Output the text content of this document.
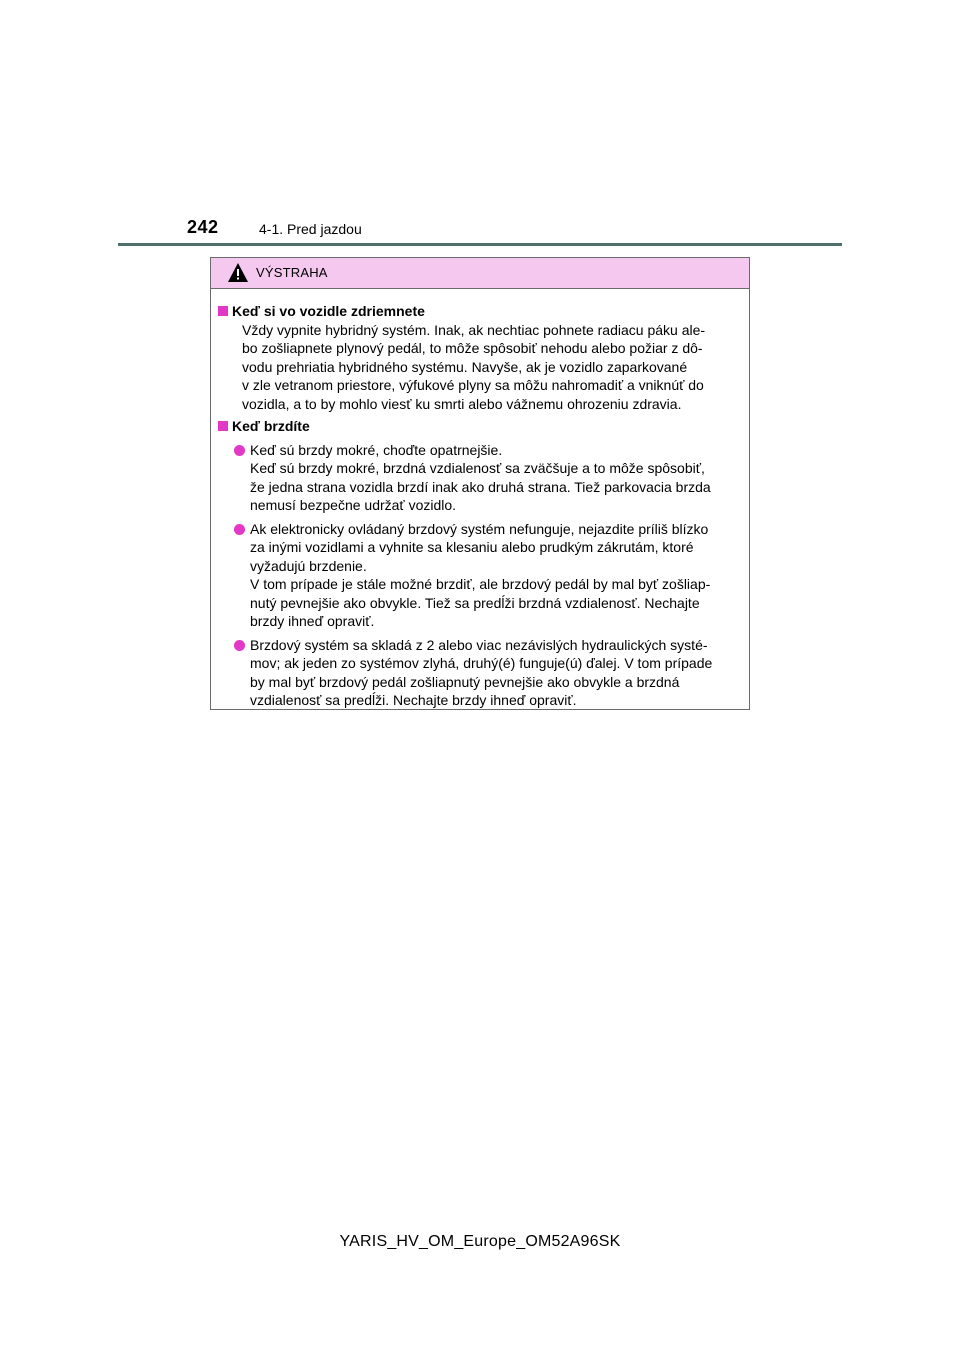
242	4-1. Pred jazdou
VÝSTRAHA
Keď si vo vozidle zdriemnete
Vždy vypnite hybridný systém. Inak, ak nechtiac pohnete radiacu páku ale-
bo zošliapnete plynový pedál, to môže spôsobiť nehodu alebo požiar z dô-
vodu prehriatia hybridného systému. Navyše, ak je vozidlo zaparkované
v zle vetranom priestore, výfukové plyny sa môžu nahromadiť a vniknúť do
vozidla, a to by mohlo viesť ku smrti alebo vážnemu ohrozeniu zdravia.
Keď brzdíte
Keď sú brzdy mokré, choďte opatrnejšie.
Keď sú brzdy mokré, brzdná vzdialenosť sa zväčšuje a to môže spôsobiť,
že jedna strana vozidla brzdí inak ako druhá strana. Tiež parkovacia brzda
nemusí bezpečne udržať vozidlo.
Ak elektronicky ovládaný brzdový systém nefunguje, nejazdite príliš blízko
za inými vozidlami a vyhnite sa klesaniu alebo prudkým zákrutám, ktoré
vyžadujú brzdenie.
V tom prípade je stále možné brzdiť, ale brzdový pedál by mal byť zošliap-
nutý pevnejšie ako obvykle. Tiež sa predĺži brzdná vzdialenosť. Nechajte
brzdy ihneď opraviť.
Brzdový systém sa skladá z 2 alebo viac nezávislých hydraulických systé-
mov; ak jeden zo systémov zlyhá, druhý(é) funguje(ú) ďalej. V tom prípade
by mal byť brzdový pedál zošliapnutý pevnejšie ako obvykle a brzdná
vzdialenosť sa predĺži. Nechajte brzdy ihneď opraviť.
YARIS_HV_OM_Europe_OM52A96SK
